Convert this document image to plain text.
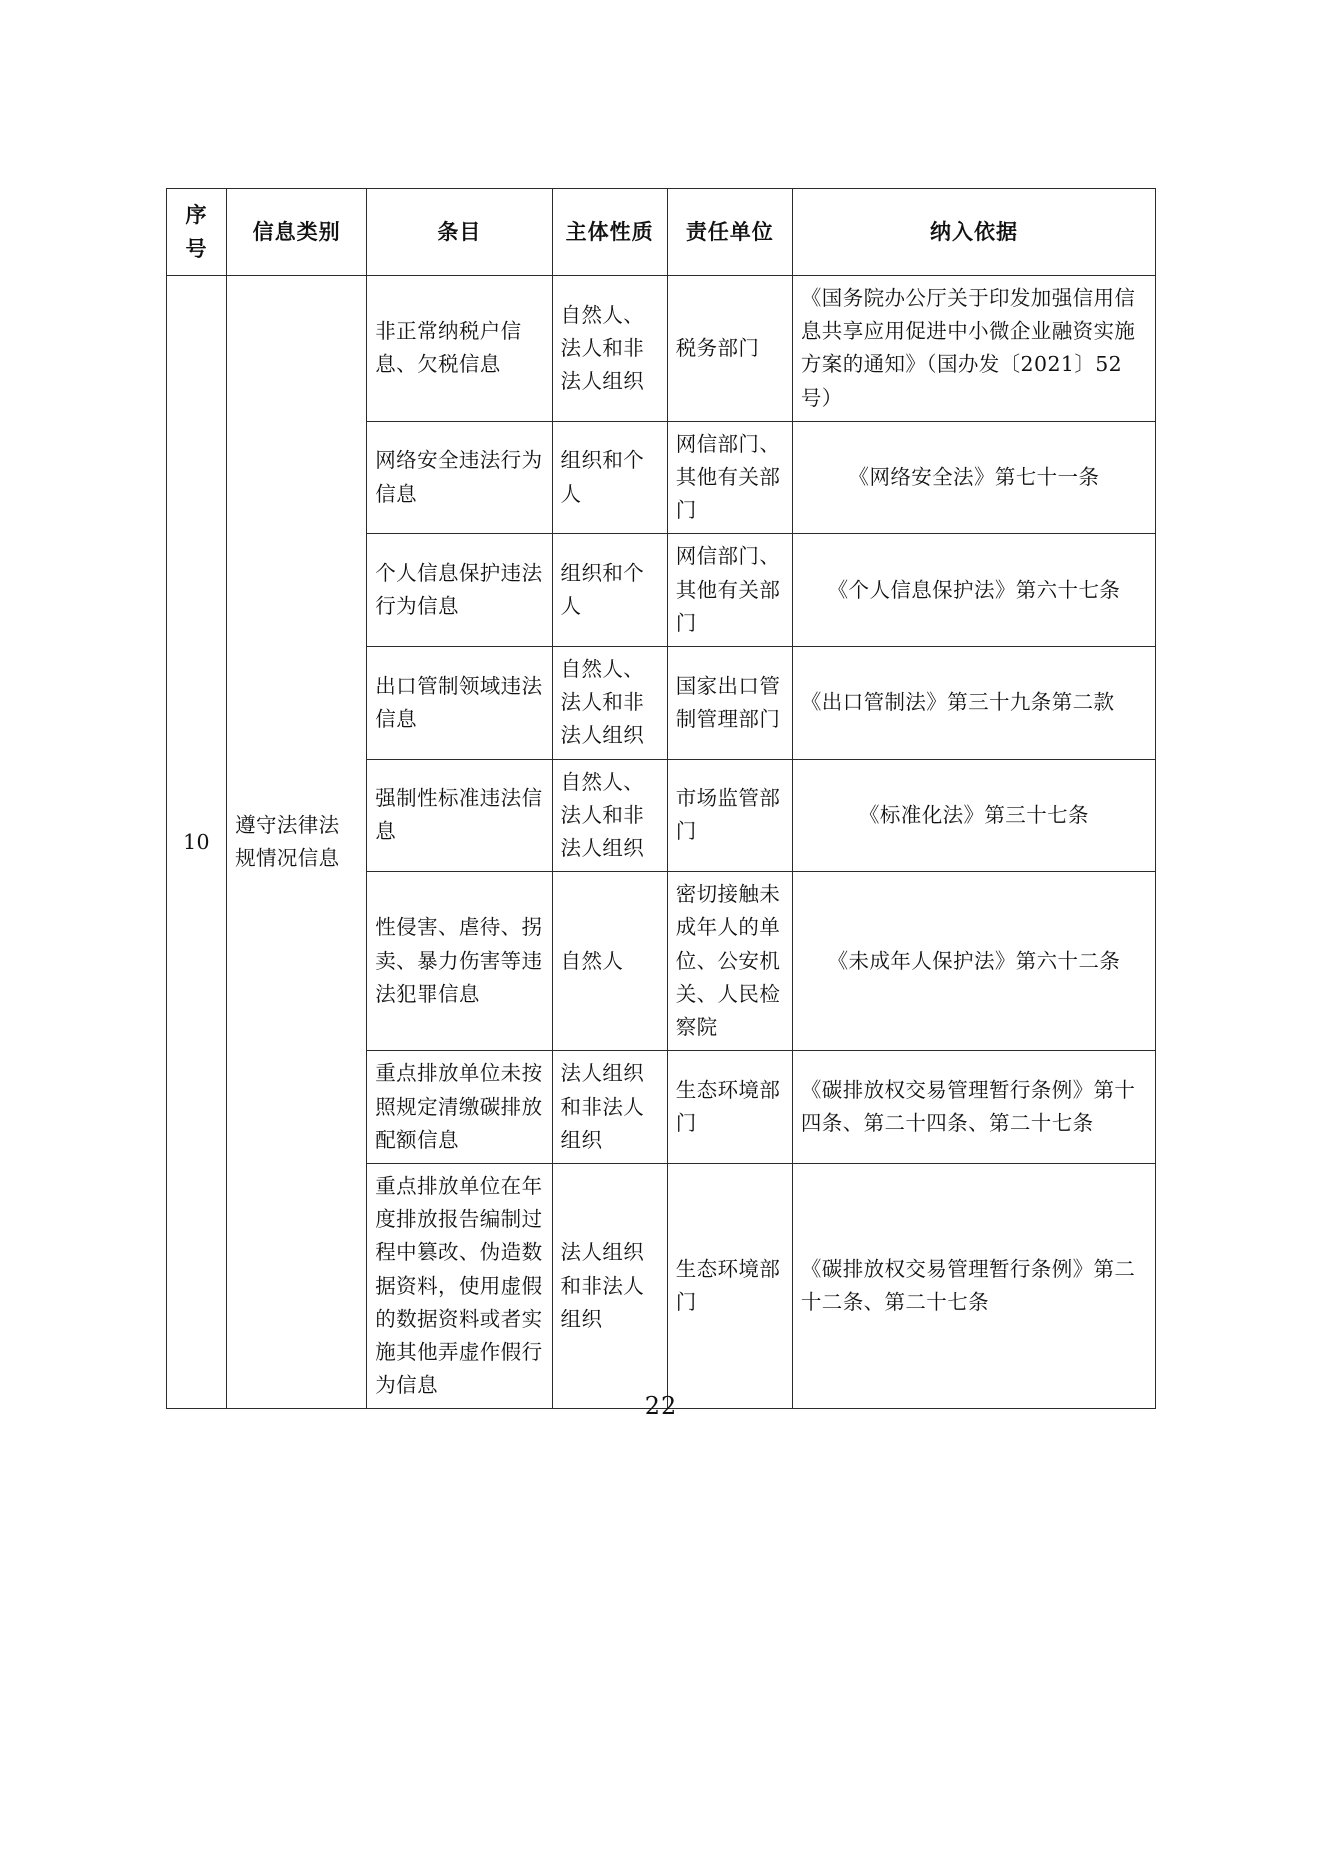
序
号	信息类别	条目	主体性质	责任单位	纳入依据
10	遵守法律法规情况信息	非正常纳税户信息、欠税信息	自然人、法人和非法人组织	税务部门	《国务院办公厅关于印发加强信用信息共享应用促进中小微企业融资实施方案的通知》（国办发〔2021〕52号）
		网络安全违法行为信息	组织和个人	网信部门、其他有关部门	《网络安全法》第七十一条
		个人信息保护违法行为信息	组织和个人	网信部门、其他有关部门	《个人信息保护法》第六十七条
		出口管制领域违法信息	自然人、法人和非法人组织	国家出口管制管理部门	《出口管制法》第三十九条第二款
		强制性标准违法信息	自然人、法人和非法人组织	市场监管部门	《标准化法》第三十七条
		性侵害、虐待、拐卖、暴力伤害等违法犯罪信息	自然人	密切接触未成年人的单位、公安机关、人民检察院	《未成年人保护法》第六十二条
		重点排放单位未按照规定清缴碳排放配额信息	法人组织和非法人组织	生态环境部门	《碳排放权交易管理暂行条例》第十四条、第二十四条、第二十七条
		重点排放单位在年度排放报告编制过程中篡改、伪造数据资料，使用虚假的数据资料或者实施其他弄虚作假行为信息	法人组织和非法人组织	生态环境部门	《碳排放权交易管理暂行条例》第二十二条、第二十七条
22
